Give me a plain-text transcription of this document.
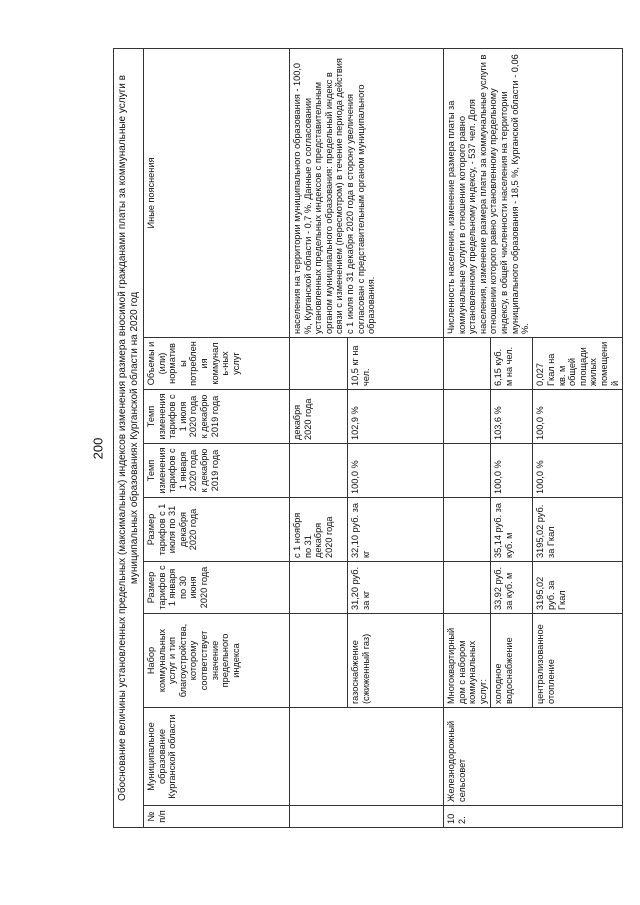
200 Обоснование величины установленных предельных (максимальных) индексов изменения размера вносимой гражданами платы за коммунальные услуги в муниципальных образованиях Курганской области на 2020 год								
№ п/п	Муниципальное образование Курганской области	Набор коммунальных услуг и тип благоустройства, которому соответствует значение предельного индекса	Размер тарифов с 1 января по 30 июня 2020 года	Размер тарифов с 1 июля по 31 декабря 2020 года	Темп изменения тарифов с 1 января 2020 года к декабрю 2019 года	Темп изменения тарифов с 1 июля 2020 года к декабрю 2019 года	Объемы и (или) нормативы потребления коммуналь-ных услуг	Иные пояснения
				с 1 ноября по 31 декабря 2020 года		декабря 2020 года		населения на территории муниципального образования - 100,0 %, Курганской области - 0,7 %. Данные о согласовании установленных предельных индексов с представительным органом муниципального образования: предельный индекс в связи с изменением (пересмотром) в течение периода действия с 1 июля по 31 декабря 2020 года в сторону увеличения согласован с представительным органом муниципального образования.
		газоснабжение (сжиженный газ)	31,20 руб. за кг	32,10 руб. за кг	100,0 %	102,9 %	10,5 кг на чел.	
102.	Железнодорожный сельсовет	Многоквартирный дом с набором коммунальных услуг:						Численность населения, изменение размера платы за коммунальные услуги в отношении которого равно установленному предельному индексу, - 537 чел. Доля населения, изменение размера платы за коммунальные услуги в отношении которого равно установленному предельному индексу, в общей численности населения на территории муниципального образования - 18,5 %, Курганской области - 0,06 %.
		холодное водоснабжение	33,92 руб. за куб. м	35,14 руб. за куб. м	100,0 %	103,6 %	6,15 куб. м на чел.	
		централизованное отопление	3195,02 руб. за Гкал	3195,02 руб. за Гкал	100,0 %	100,0 %	0,027 Гкал на кв. м общей площади жилых помещений	
